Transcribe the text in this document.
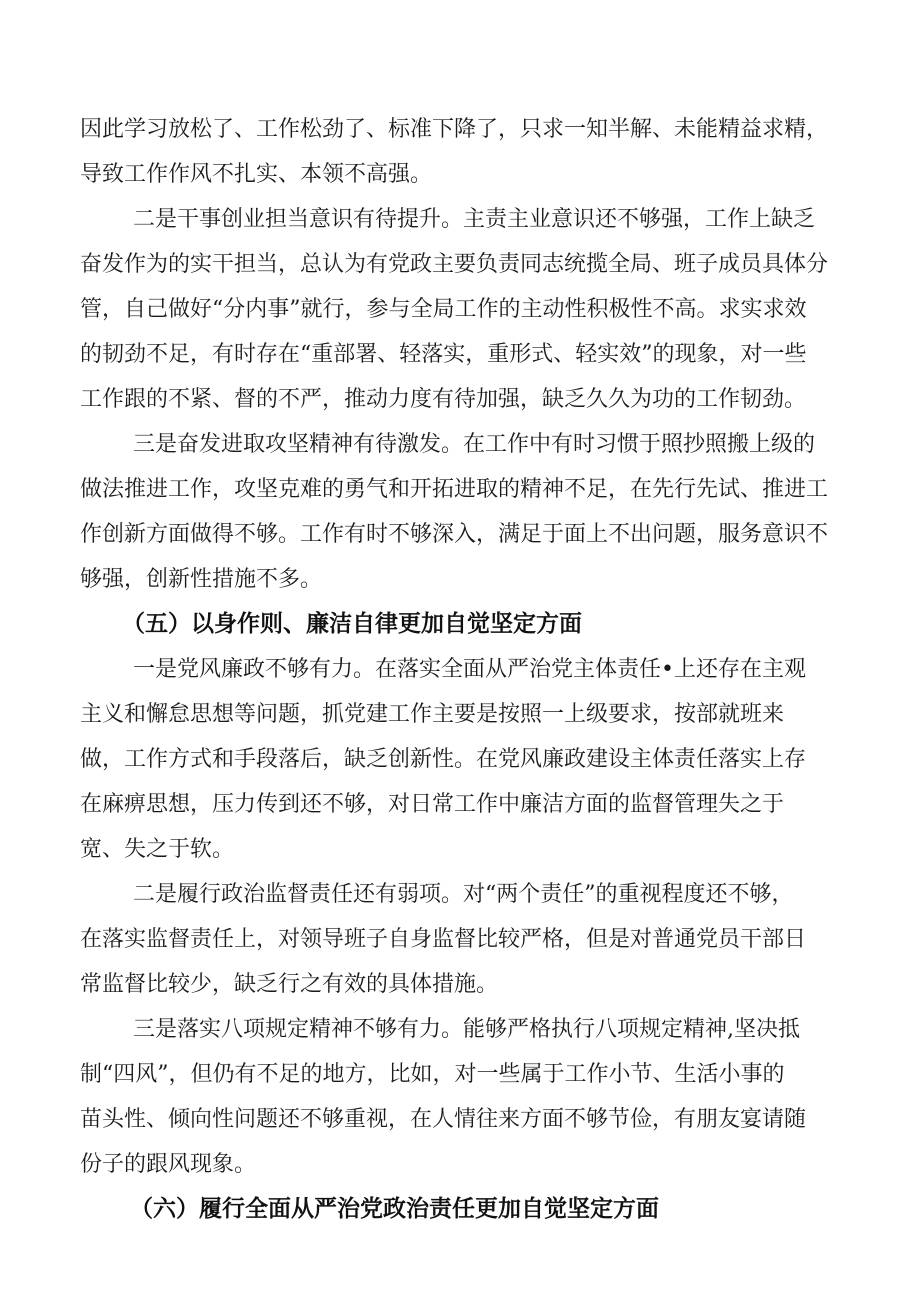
因此学习放松了、工作松劲了、标准下降了，只求一知半解、未能精益求精，
导致工作作风不扎实、本领不高强。
二是干事创业担当意识有待提升。主责主业意识还不够强，工作上缺乏
奋发作为的实干担当，总认为有党政主要负责同志统揽全局、班子成员具体分
管，自己做好“分内事”就行，参与全局工作的主动性积极性不高。求实求效
的韧劲不足，有时存在“重部署、轻落实，重形式、轻实效”的现象，对一些
工作跟的不紧、督的不严，推动力度有待加强，缺乏久久为功的工作韧劲。
三是奋发进取攻坚精神有待激发。在工作中有时习惯于照抄照搬上级的
做法推进工作，攻坚克难的勇气和开拓进取的精神不足，在先行先试、推进工
作创新方面做得不够。工作有时不够深入，满足于面上不出问题，服务意识不
够强，创新性措施不多。
（五）以身作则、廉洁自律更加自觉坚定方面
一是党风廉政不够有力。在落实全面从严治党主体责任•上还存在主观
主义和懈怠思想等问题，抓党建工作主要是按照一上级要求，按部就班来
做，工作方式和手段落后，缺乏创新性。在党风廉政建设主体责任落实上存
在麻痹思想，压力传到还不够，对日常工作中廉洁方面的监督管理失之于
宽、失之于软。
二是履行政治监督责任还有弱项。对“两个责任”的重视程度还不够，
在落实监督责任上，对领导班子自身监督比较严格，但是对普通党员干部日
常监督比较少，缺乏行之有效的具体措施。
三是落实八项规定精神不够有力。能够严格执行八项规定精神,坚决抵
制“四风”，但仍有不足的地方，比如，对一些属于工作小节、生活小事的
苗头性、倾向性问题还不够重视，在人情往来方面不够节俭，有朋友宴请随
份子的跟风现象。
（六）履行全面从严治党政治责任更加自觉坚定方面
